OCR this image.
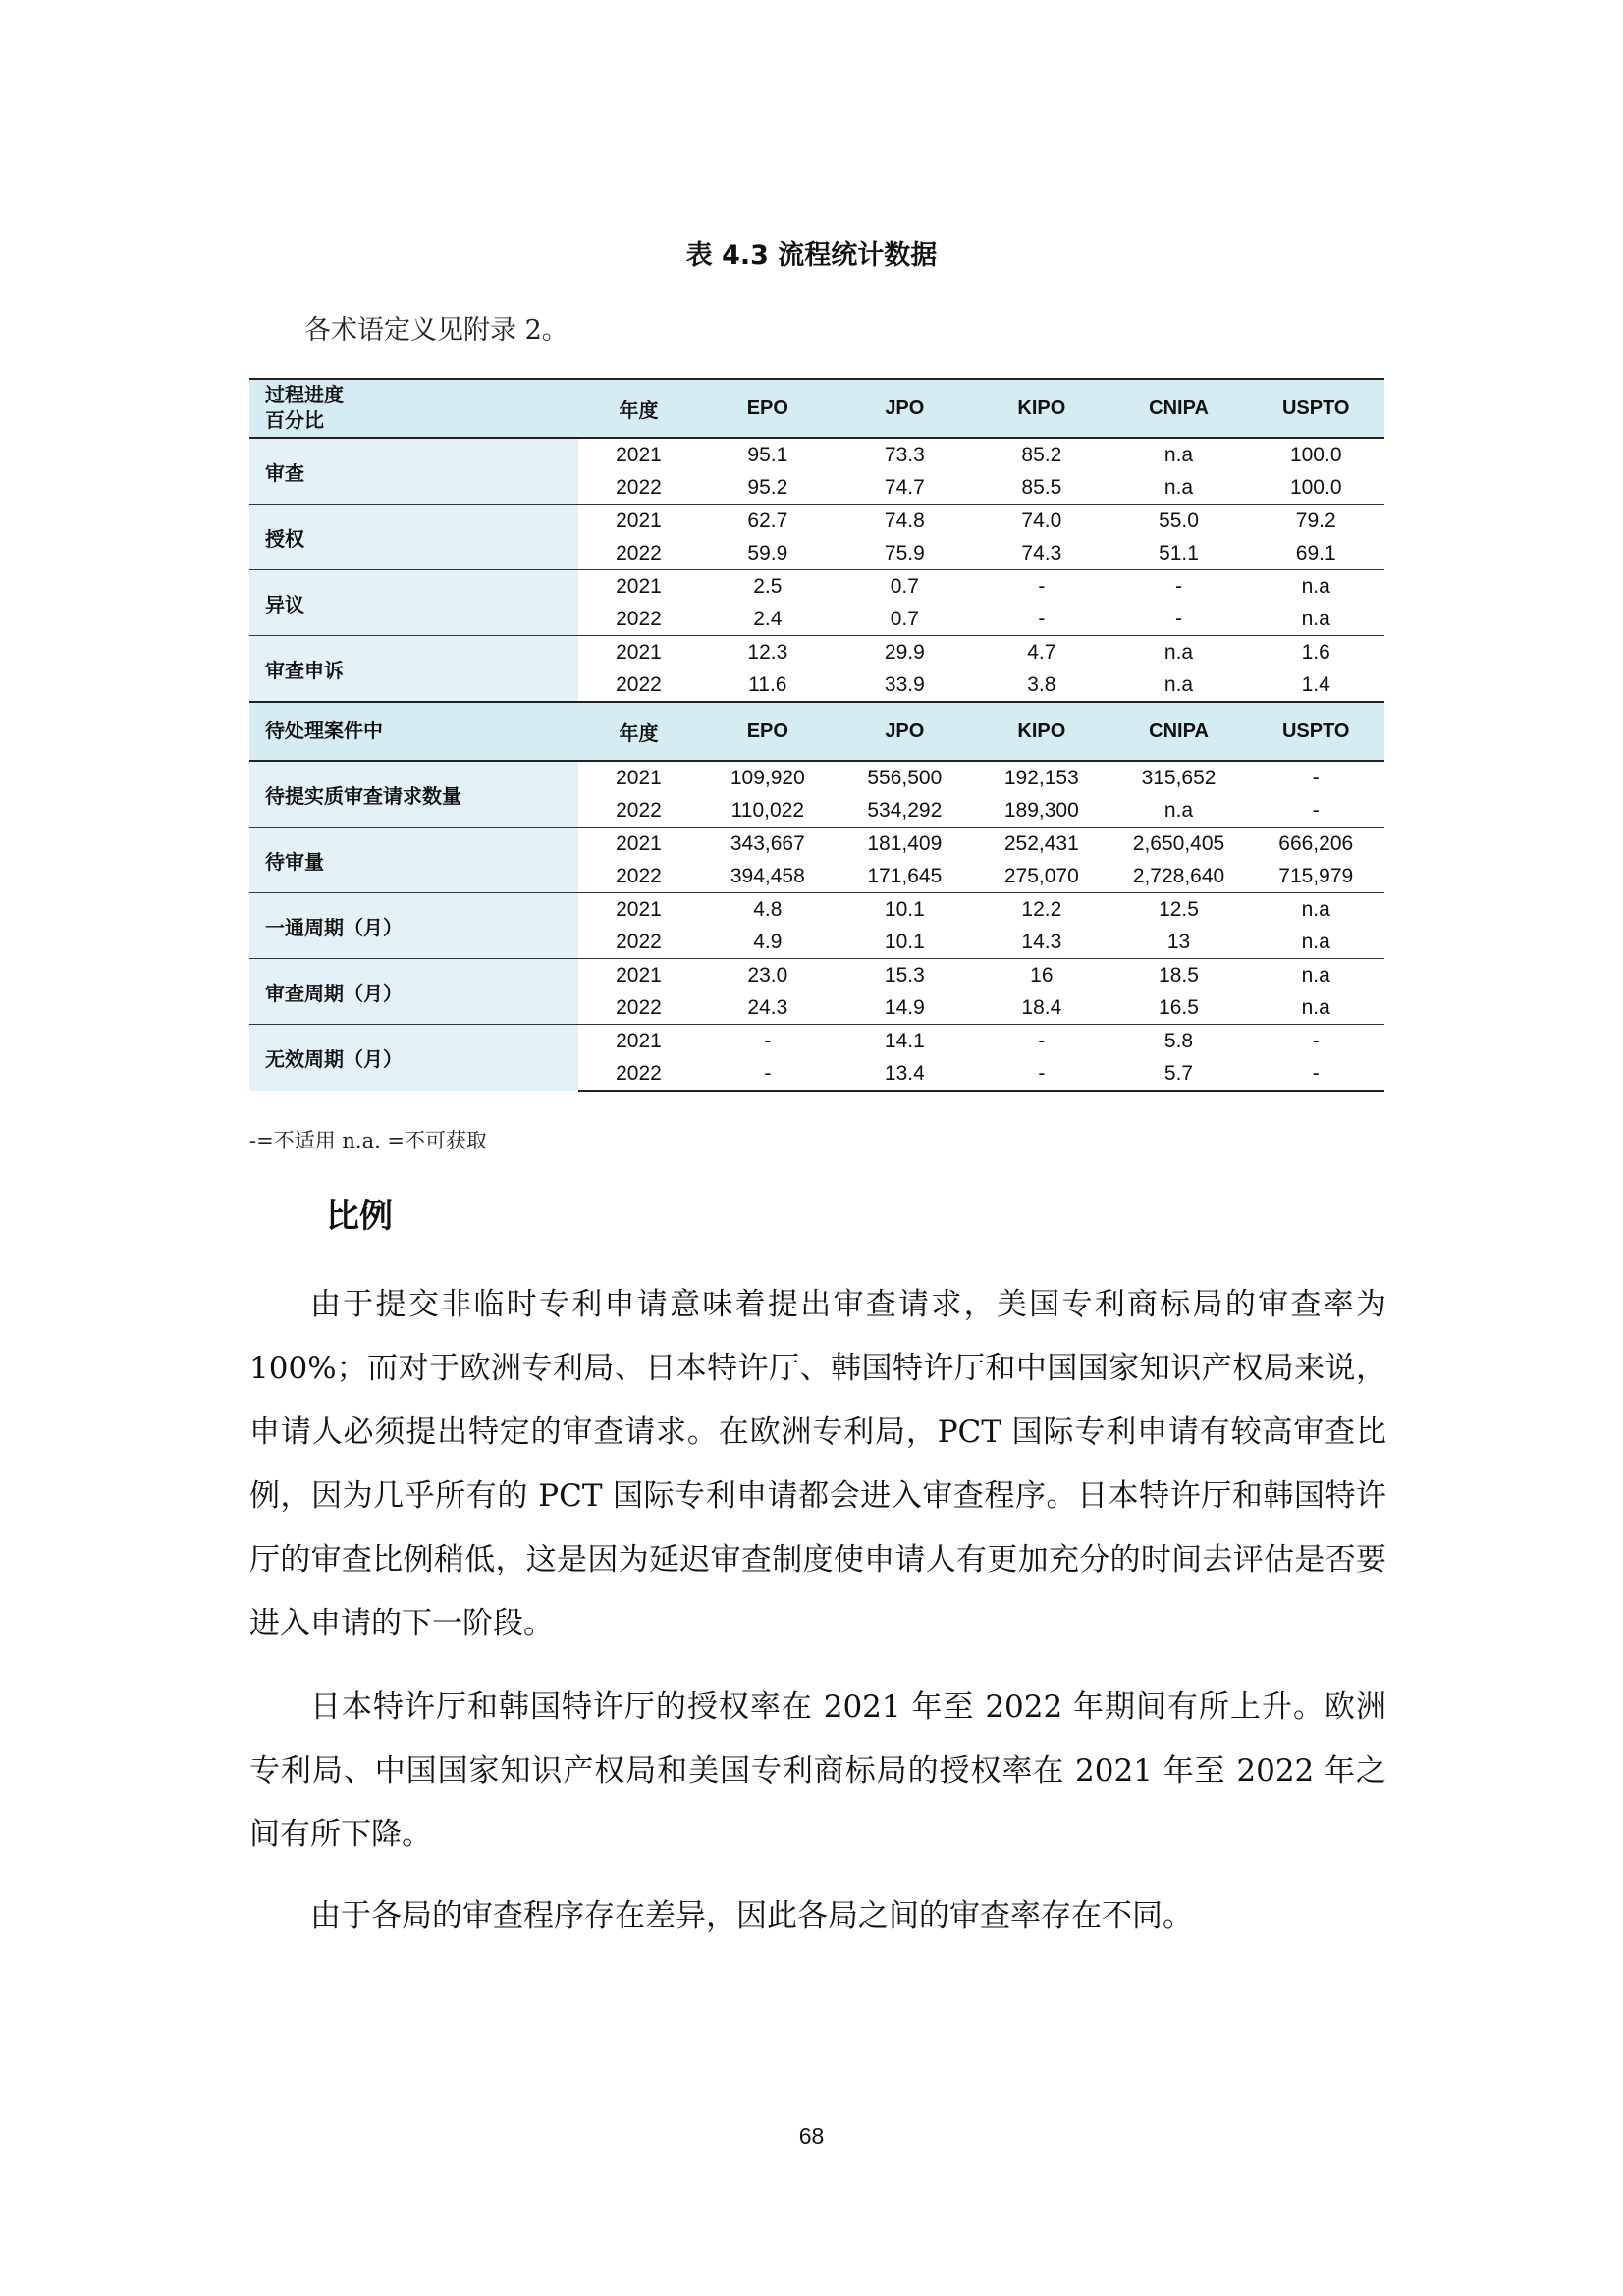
表 4.3 流程统计数据
各术语定义见附录 2。
过程进度
百分比	年度	EPO	JPO	KIPO	CNIPA	USPTO
审查	2021	95.1	73.3	85.2	n.a	100.0
	2022	95.2	74.7	85.5	n.a	100.0
授权	2021	62.7	74.8	74.0	55.0	79.2
	2022	59.9	75.9	74.3	51.1	69.1
异议	2021	2.5	0.7	-	-	n.a
	2022	2.4	0.7	-	-	n.a
审查申诉	2021	12.3	29.9	4.7	n.a	1.6
	2022	11.6	33.9	3.8	n.a	1.4
待处理案件中	年度	EPO	JPO	KIPO	CNIPA	USPTO
待提实质审查请求数量	2021	109,920	556,500	192,153	315,652	-
	2022	110,022	534,292	189,300	n.a	-
待审量	2021	343,667	181,409	252,431	2,650,405	666,206
	2022	394,458	171,645	275,070	2,728,640	715,979
一通周期（月）	2021	4.8	10.1	12.2	12.5	n.a
	2022	4.9	10.1	14.3	13	n.a
审查周期（月）	2021	23.0	15.3	16	18.5	n.a
	2022	24.3	14.9	18.4	16.5	n.a
无效周期（月）	2021	-	14.1	-	5.8	-
	2022	-	13.4	-	5.7	-
-=不适用 n.a. =不可获取
比例

由于提交非临时专利申请意味着提出审查请求，美国专利商标局的审查率为 100%；而对于欧洲专利局、日本特许厅、韩国特许厅和中国国家知识产权局来说，申请人必须提出特定的审查请求。在欧洲专利局，PCT 国际专利申请有较高审查比例，因为几乎所有的 PCT 国际专利申请都会进入审查程序。日本特许厅和韩国特许厅的审查比例稍低，这是因为延迟审查制度使申请人有更加充分的时间去评估是否要进入申请的下一阶段。

日本特许厅和韩国特许厅的授权率在 2021 年至 2022 年期间有所上升。欧洲专利局、中国国家知识产权局和美国专利商标局的授权率在 2021 年至 2022 年之间有所下降。

由于各局的审查程序存在差异，因此各局之间的审查率存在不同。

68
